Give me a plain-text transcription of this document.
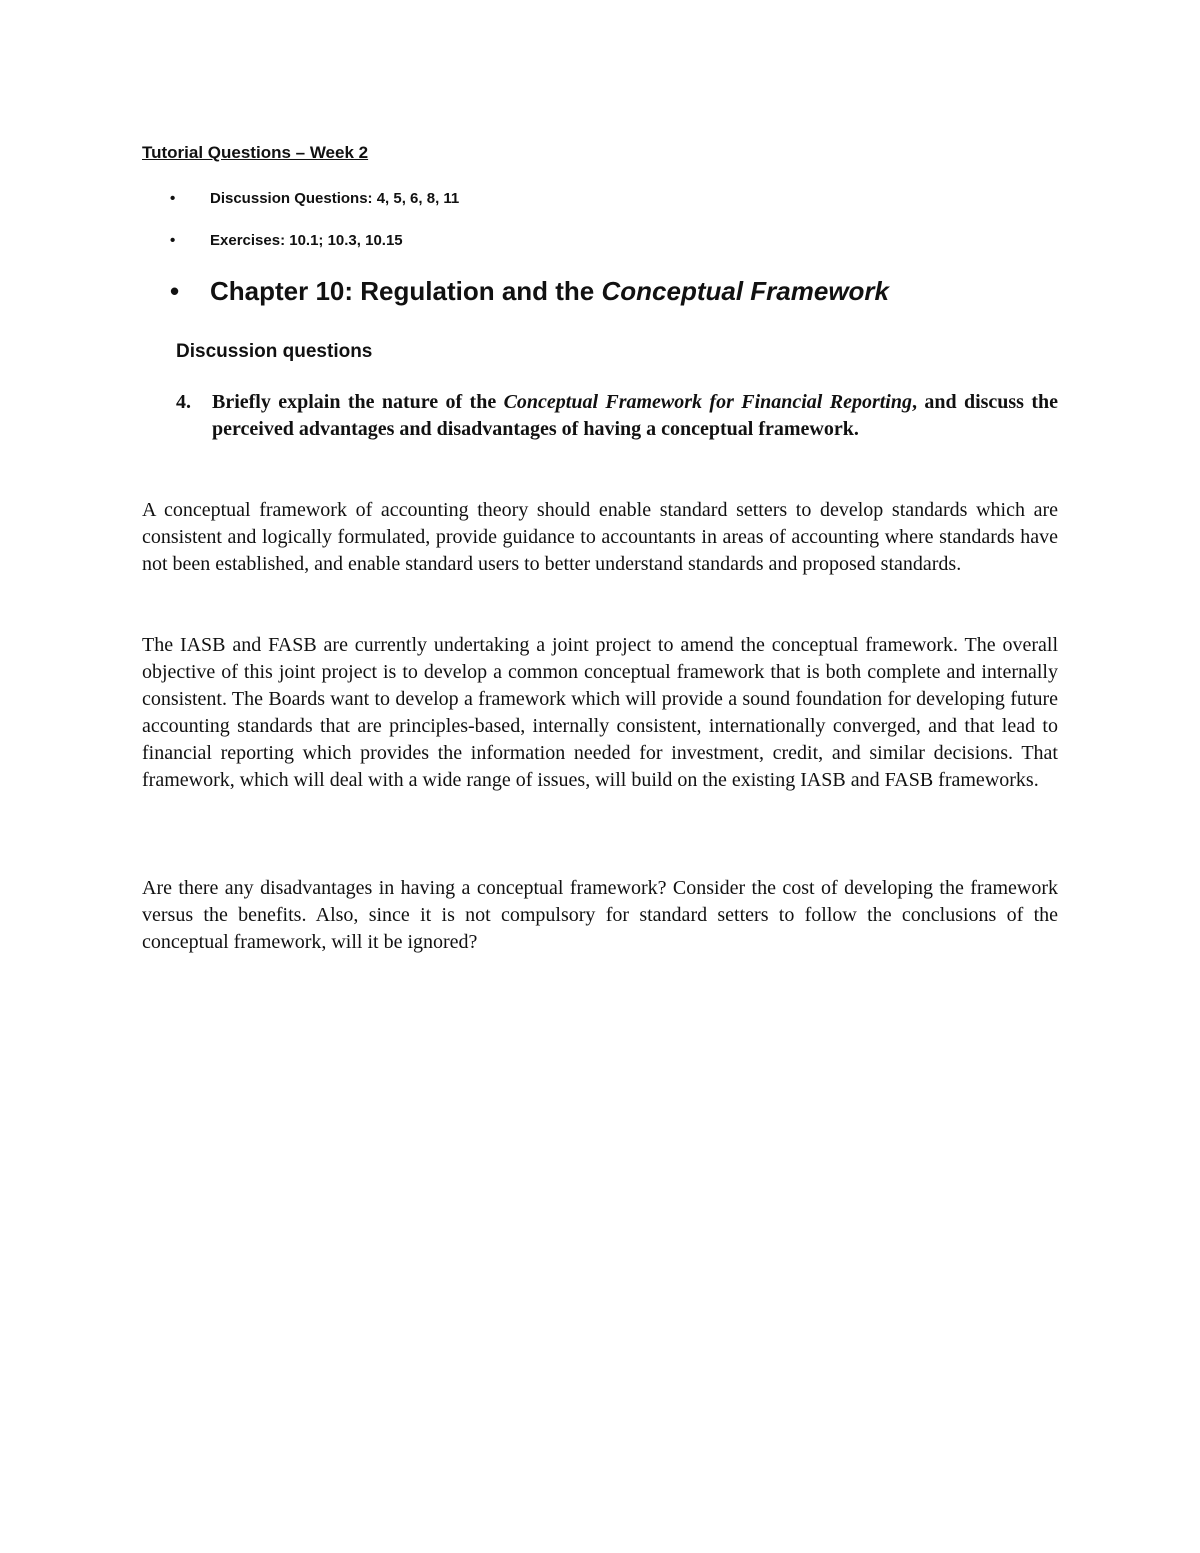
Tutorial Questions – Week 2
• Discussion Questions: 4, 5, 6, 8, 11
• Exercises: 10.1; 10.3, 10.15
• Chapter 10: Regulation and the Conceptual Framework
Discussion questions
4. Briefly explain the nature of the Conceptual Framework for Financial Reporting, and discuss the perceived advantages and disadvantages of having a conceptual framework.

A conceptual framework of accounting theory should enable standard setters to develop standards which are consistent and logically formulated, provide guidance to accountants in areas of accounting where standards have not been established, and enable standard users to better understand standards and proposed standards.

The IASB and FASB are currently undertaking a joint project to amend the conceptual framework. The overall objective of this joint project is to develop a common conceptual framework that is both complete and internally consistent. The Boards want to develop a framework which will provide a sound foundation for developing future accounting standards that are principles-based, internally consistent, internationally converged, and that lead to financial reporting which provides the information needed for investment, credit, and similar decisions. That framework, which will deal with a wide range of issues, will build on the existing IASB and FASB frameworks.

Are there any disadvantages in having a conceptual framework? Consider the cost of developing the framework versus the benefits. Also, since it is not compulsory for standard setters to follow the conclusions of the conceptual framework, will it be ignored?
